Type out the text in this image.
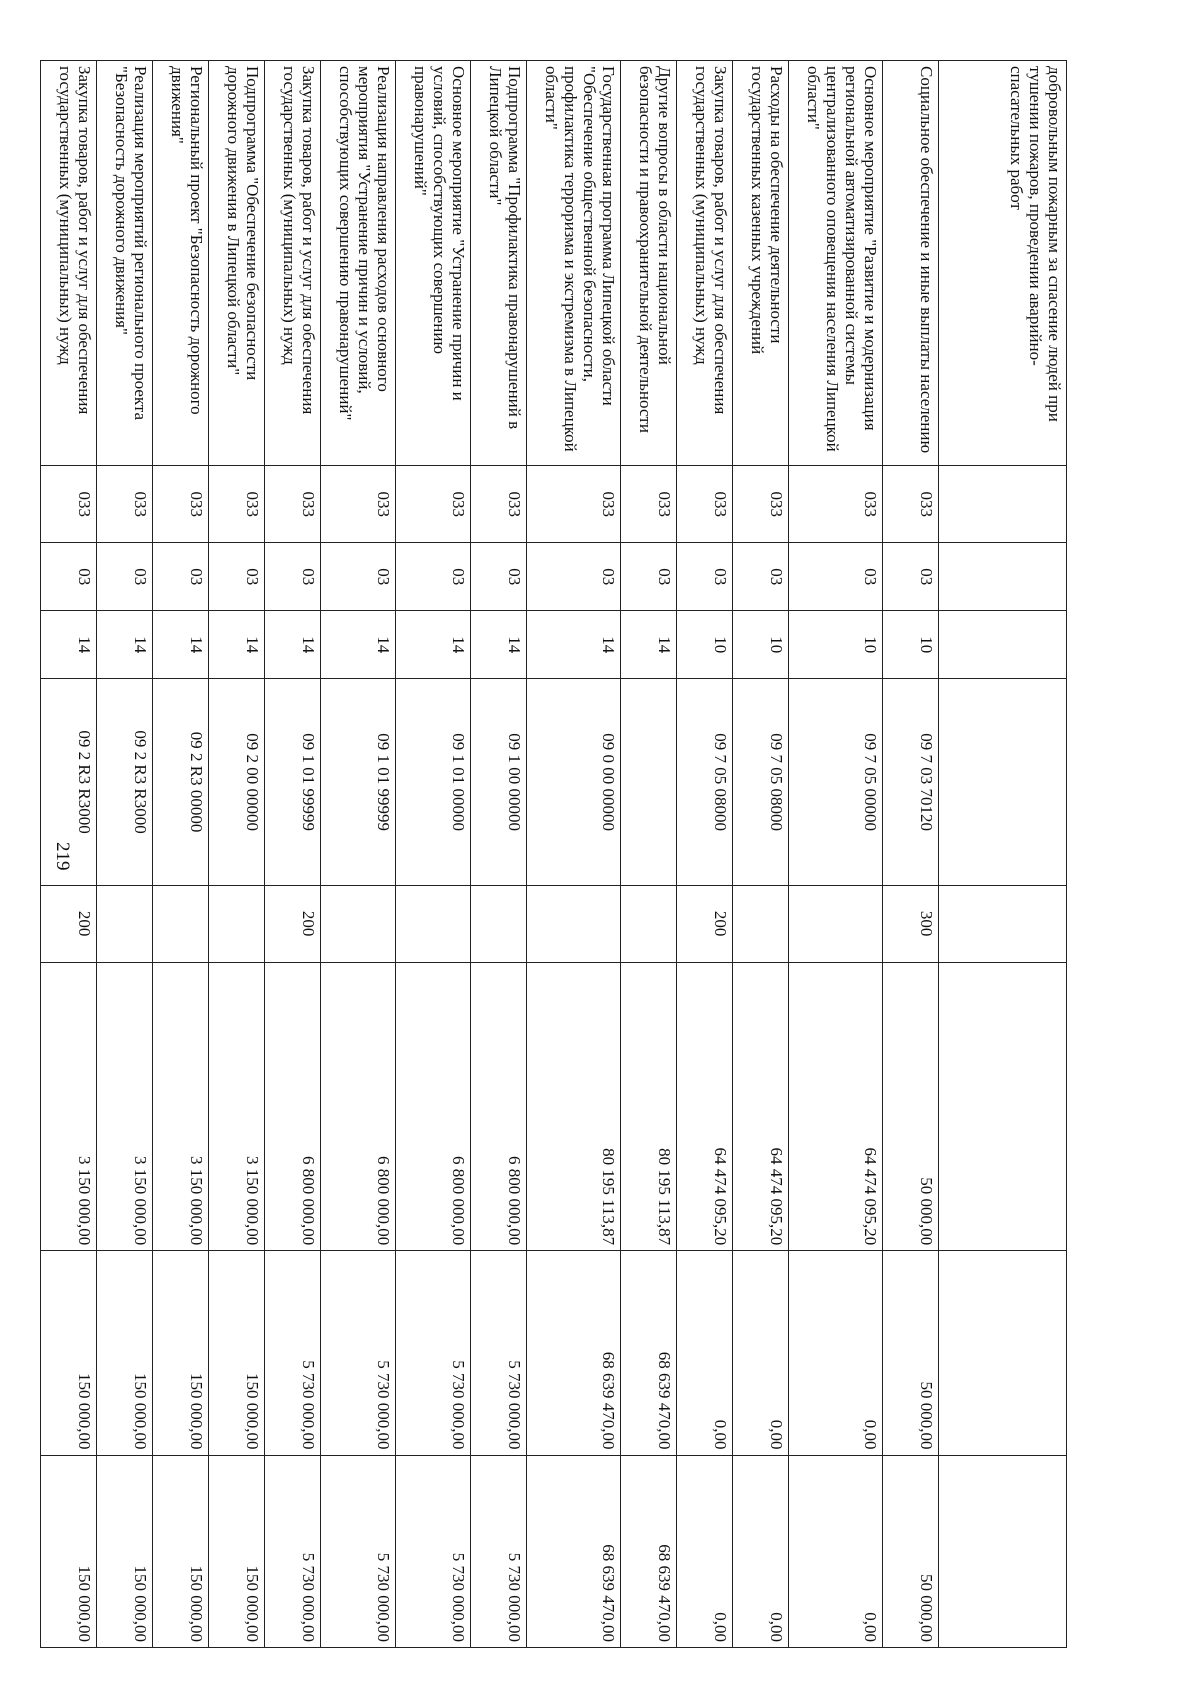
219
добровольным пожарным за спасение людей при тушении пожаров, проведении аварийно-спасательных работ								
Социальное обеспечение и иные выплаты населению	033	03	10	09 7 03 70120	300	50 000,00	50 000,00	50 000,00
Основное мероприятие "Развитие и модернизация региональной автоматизированной системы централизованного оповещения населения Липецкой области"	033	03	10	09 7 05 00000		64 474 095,20	0,00	0,00
Расходы на обеспечение деятельности государственных казенных учреждений	033	03	10	09 7 05 08000		64 474 095,20	0,00	0,00
Закупка товаров, работ и услуг для обеспечения государственных (муниципальных) нужд	033	03	10	09 7 05 08000	200	64 474 095,20	0,00	0,00
Другие вопросы в области национальной безопасности и правоохранительной деятельности	033	03	14			80 195 113,87	68 639 470,00	68 639 470,00
Государственная программа Липецкой области "Обеспечение общественной безопасности, профилактика терроризма и экстремизма в Липецкой области"	033	03	14	09 0 00 00000		80 195 113,87	68 639 470,00	68 639 470,00
Подпрограмма "Профилактика правонарушений в Липецкой области"	033	03	14	09 1 00 00000		6 800 000,00	5 730 000,00	5 730 000,00
Основное мероприятие "Устранение причин и условий, способствующих совершению правонарушений"	033	03	14	09 1 01 00000		6 800 000,00	5 730 000,00	5 730 000,00
Реализация направления расходов основного мероприятия "Устранение причин и условий, способствующих совершению правонарушений"	033	03	14	09 1 01 99999		6 800 000,00	5 730 000,00	5 730 000,00
Закупка товаров, работ и услуг для обеспечения государственных (муниципальных) нужд	033	03	14	09 1 01 99999	200	6 800 000,00	5 730 000,00	5 730 000,00
Подпрограмма "Обеспечение безопасности дорожного движения в Липецкой области"	033	03	14	09 2 00 00000		3 150 000,00	150 000,00	150 000,00
Региональный проект "Безопасность дорожного движения"	033	03	14	09 2 R3 00000		3 150 000,00	150 000,00	150 000,00
Реализация мероприятий регионального проекта "Безопасность дорожного движения"	033	03	14	09 2 R3 R3000		3 150 000,00	150 000,00	150 000,00
Закупка товаров, работ и услуг для обеспечения государственных (муниципальных) нужд	033	03	14	09 2 R3 R3000	200	3 150 000,00	150 000,00	150 000,00
